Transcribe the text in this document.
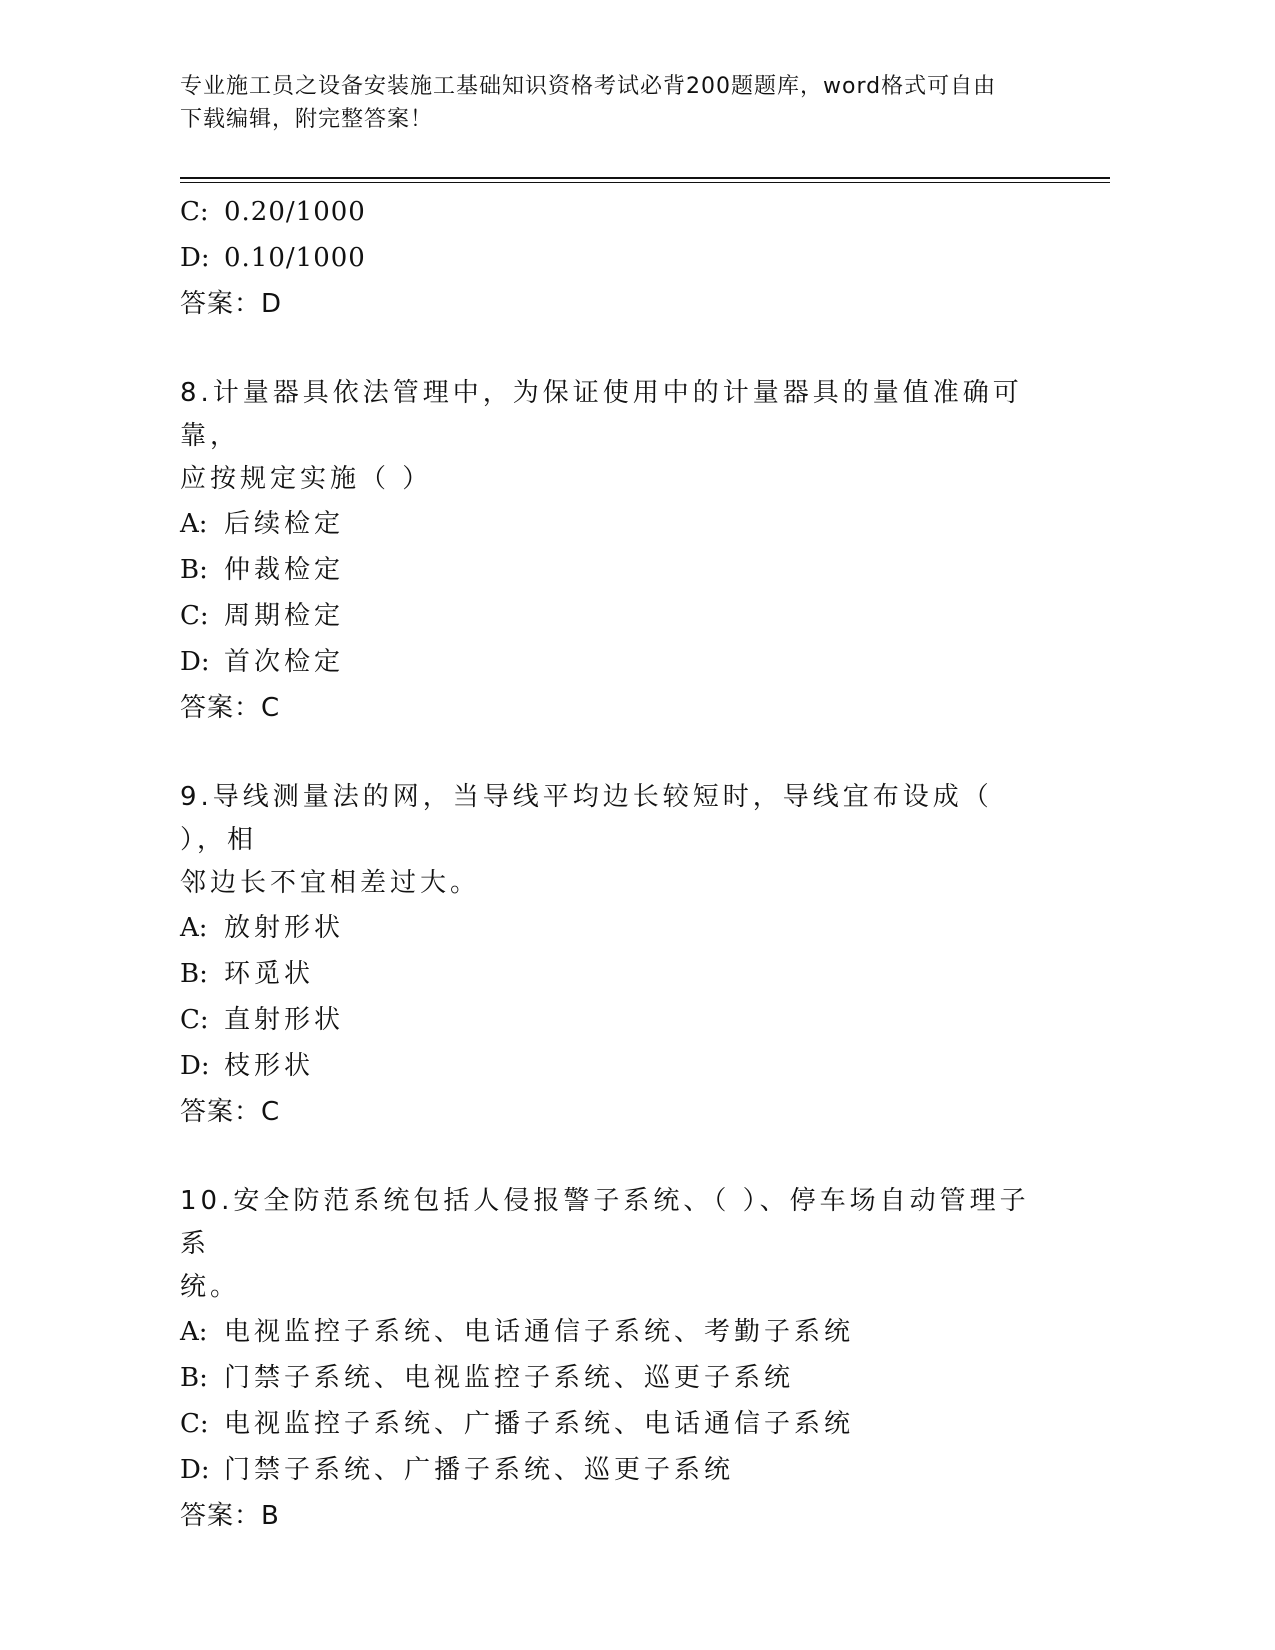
专业施工员之设备安装施工基础知识资格考试必背200题题库，word格式可自由
下载编辑，附完整答案！
C: 0.20/1000
D: 0.10/1000
答案：D
8.计量器具依法管理中，为保证使用中的计量器具的量值准确可靠，
应按规定实施（ ）
A: 后续检定
B: 仲裁检定
C: 周期检定
D: 首次检定
答案：C
9.导线测量法的网，当导线平均边长较短时，导线宜布设成（ ），相
邻边长不宜相差过大。
A: 放射形状
B: 环觅状
C: 直射形状
D: 枝形状
答案：C
10.安全防范系统包括人侵报警子系统、（ ）、停车场自动管理子系
统。
A: 电视监控子系统、电话通信子系统、考勤子系统
B: 门禁子系统、电视监控子系统、巡更子系统
C: 电视监控子系统、广播子系统、电话通信子系统
D: 门禁子系统、广播子系统、巡更子系统
答案：B
